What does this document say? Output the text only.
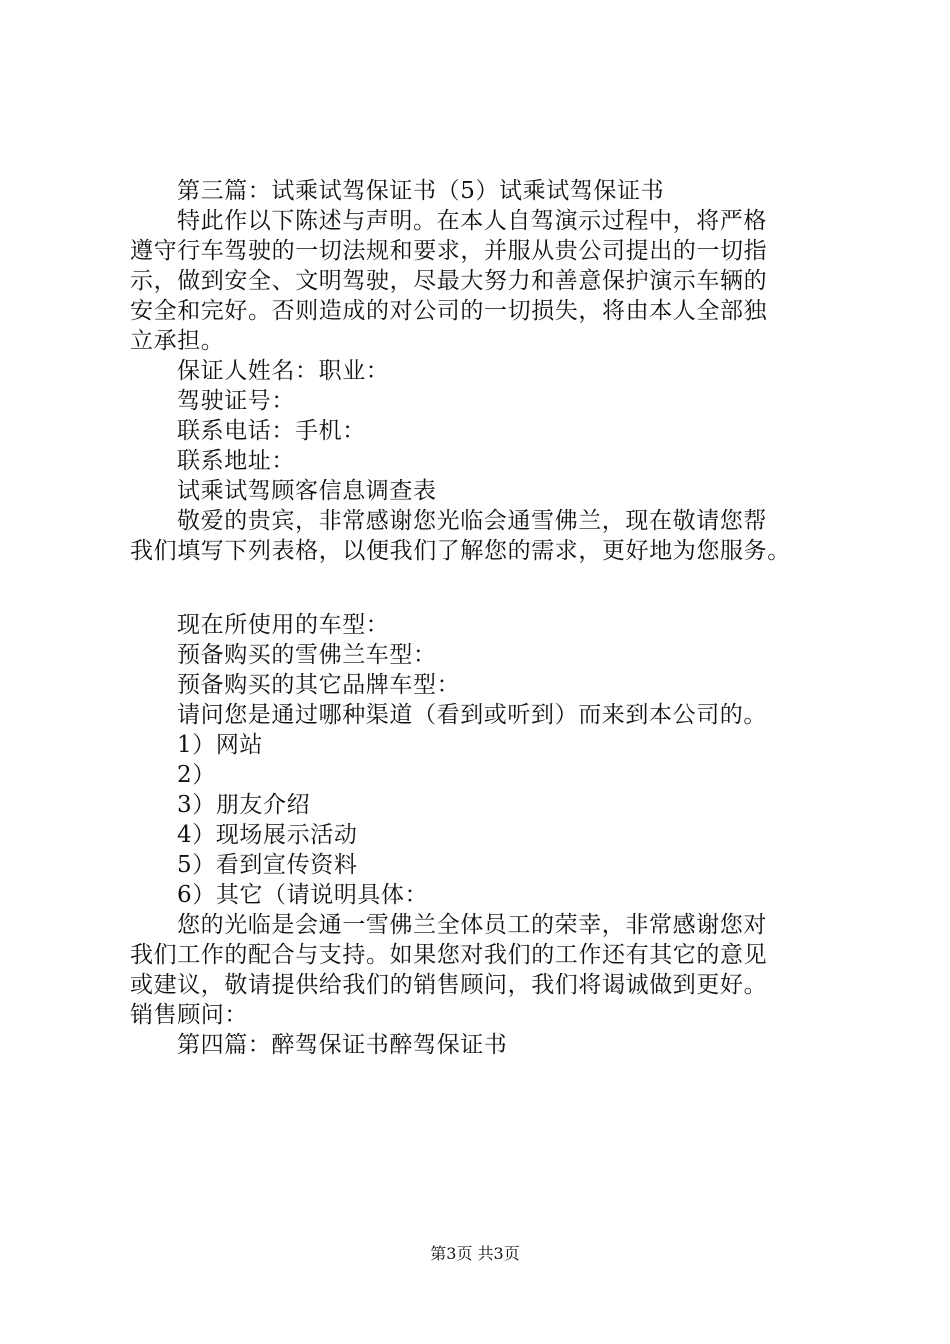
第三篇：试乘试驾保证书（5）试乘试驾保证书
特此作以下陈述与声明。在本人自驾演示过程中，将严格
遵守行车驾驶的一切法规和要求，并服从贵公司提出的一切指
示，做到安全、文明驾驶，尽最大努力和善意保护演示车辆的
安全和完好。否则造成的对公司的一切损失，将由本人全部独
立承担。
保证人姓名：职业：
驾驶证号：
联系电话：手机：
联系地址：
试乘试驾顾客信息调查表
敬爱的贵宾，非常感谢您光临会通雪佛兰，现在敬请您帮
我们填写下列表格，以便我们了解您的需求，更好地为您服务。
现在所使用的车型：
预备购买的雪佛兰车型：
预备购买的其它品牌车型：
请问您是通过哪种渠道（看到或听到）而来到本公司的。
1）网站
2）
3）朋友介绍
4）现场展示活动
5）看到宣传资料
6）其它（请说明具体：
您的光临是会通一雪佛兰全体员工的荣幸，非常感谢您对
我们工作的配合与支持。如果您对我们的工作还有其它的意见
或建议，敬请提供给我们的销售顾问，我们将谒诚做到更好。
销售顾问：
第四篇：醉驾保证书醉驾保证书
第3页 共3页
